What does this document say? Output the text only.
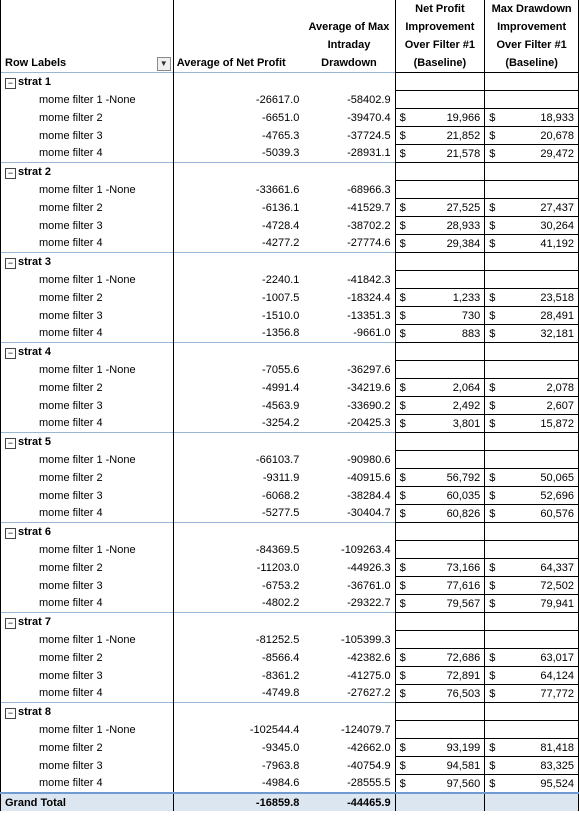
Row Labels ▼	Average of Net Profit	Average of Max Intraday Drawdown	Net Profit Improvement Over Filter #1 (Baseline)	Max Drawdown Improvement Over Filter #1 (Baseline)
− strat 1				
mome filter 1 -None	-26617.0	-58402.9		
mome filter 2	-6651.0	-39470.4	$ 19,966	$ 18,933

mome filter 3	-4765.3	-37724.5	$ 21,852	$ 20,678

mome filter 4	-5039.3	-28931.1	$ 21,578	$ 29,472

− strat 2				
mome filter 1 -None	-33661.6	-68966.3		
mome filter 2	-6136.1	-41529.7	$ 27,525	$ 27,437

mome filter 3	-4728.4	-38702.2	$ 28,933	$ 30,264

mome filter 4	-4277.2	-27774.6	$ 29,384	$ 41,192

− strat 3				
mome filter 1 -None	-2240.1	-41842.3		
mome filter 2	-1007.5	-18324.4	$ 1,233	$ 23,518

mome filter 3	-1510.0	-13351.3	$ 730	$ 28,491

mome filter 4	-1356.8	-9661.0	$ 883	$ 32,181

− strat 4				
mome filter 1 -None	-7055.6	-36297.6		
mome filter 2	-4991.4	-34219.6	$ 2,064	$ 2,078

mome filter 3	-4563.9	-33690.2	$ 2,492	$ 2,607

mome filter 4	-3254.2	-20425.3	$ 3,801	$ 15,872

− strat 5				
mome filter 1 -None	-66103.7	-90980.6		
mome filter 2	-9311.9	-40915.6	$ 56,792	$ 50,065

mome filter 3	-6068.2	-38284.4	$ 60,035	$ 52,696

mome filter 4	-5277.5	-30404.7	$ 60,826	$ 60,576

− strat 6				
mome filter 1 -None	-84369.5	-109263.4		
mome filter 2	-11203.0	-44926.3	$ 73,166	$ 64,337

mome filter 3	-6753.2	-36761.0	$ 77,616	$ 72,502

mome filter 4	-4802.2	-29322.7	$ 79,567	$ 79,941

− strat 7				
mome filter 1 -None	-81252.5	-105399.3		
mome filter 2	-8566.4	-42382.6	$ 72,686	$ 63,017

mome filter 3	-8361.2	-41275.0	$ 72,891	$ 64,124

mome filter 4	-4749.8	-27627.2	$ 76,503	$ 77,772

− strat 8				
mome filter 1 -None	-102544.4	-124079.7		
mome filter 2	-9345.0	-42662.0	$ 93,199	$ 81,418

mome filter 3	-7963.8	-40754.9	$ 94,581	$ 83,325

mome filter 4	-4984.6	-28555.5	$ 97,560	$ 95,524

Grand Total	-16859.8	-44465.9		
